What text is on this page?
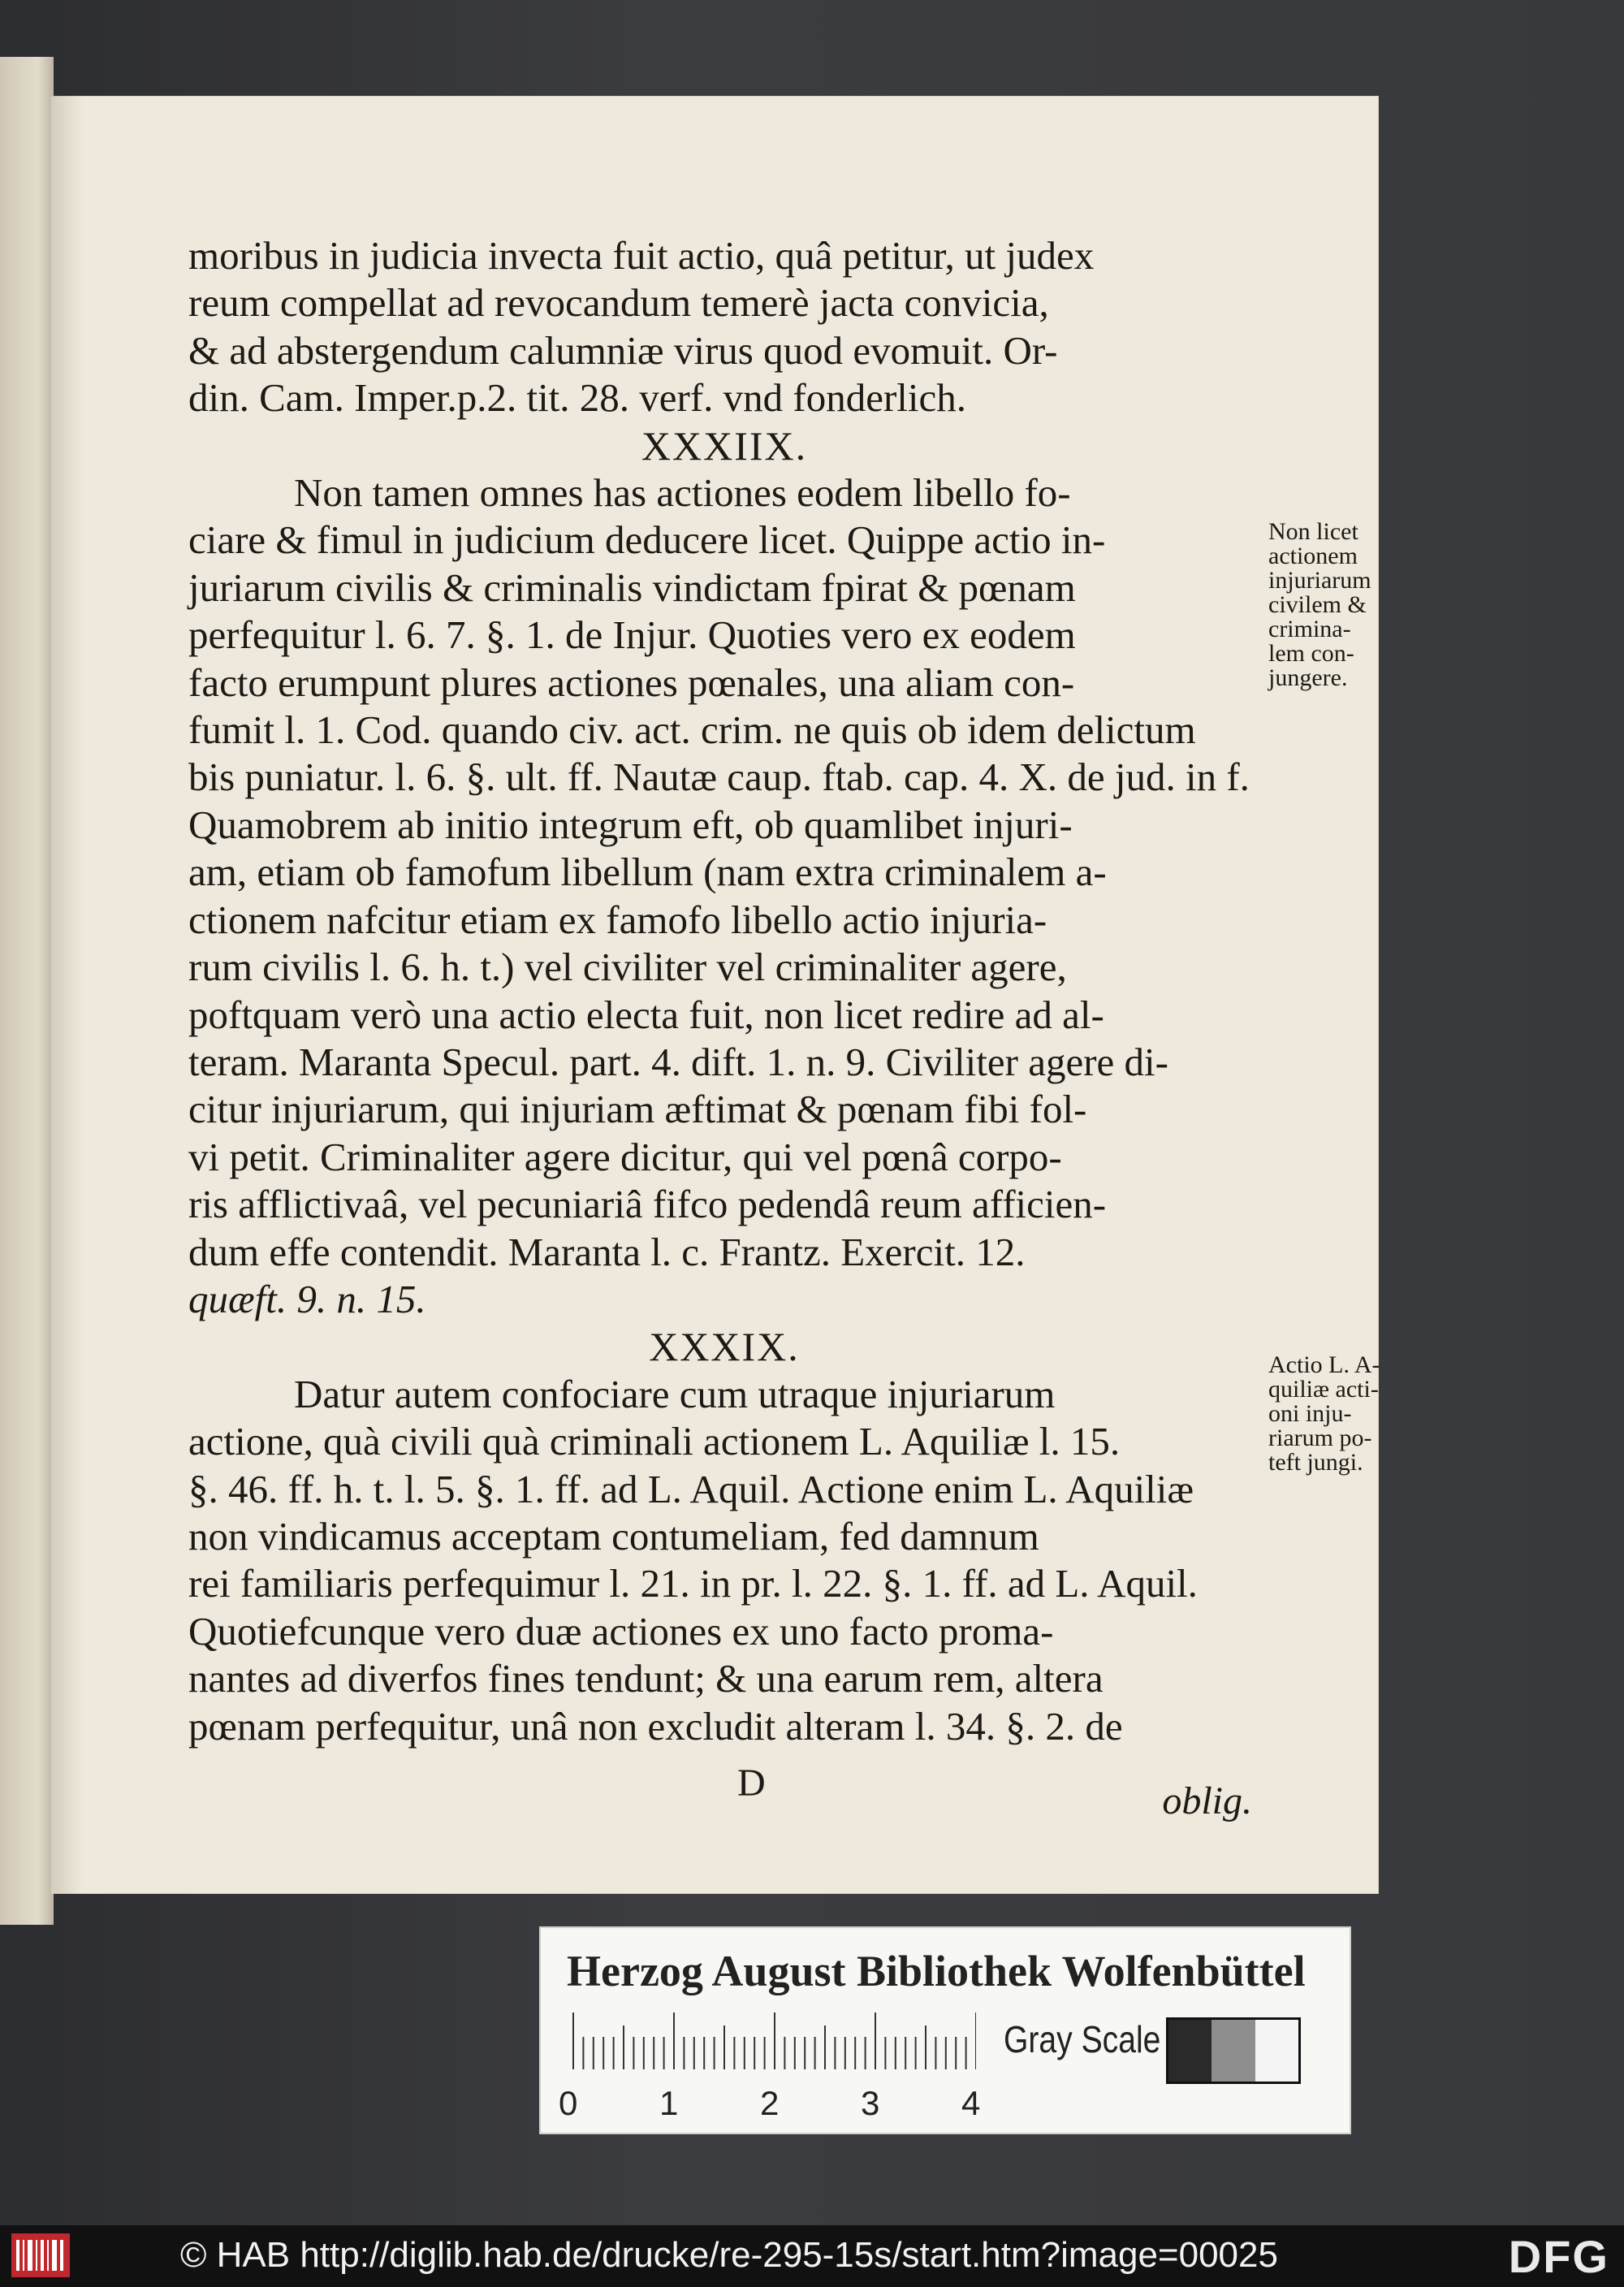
moribus in judicia invecta fuit actio, quâ petitur, ut judex
reum compellat ad revocandum temerè jacta convicia,
& ad abstergendum calumniæ virus quod evomuit. Or-
din. Cam. Imper.p.2. tit. 28. verf. vnd fonderlich.
XXXIIX.
Non tamen omnes has actiones eodem libello fo-
ciare & fimul in judicium deducere licet. Quippe actio in-
juriarum civilis & criminalis vindictam fpirat & pœnam
perfequitur l. 6. 7. §. 1. de Injur. Quoties vero ex eodem
facto erumpunt plures actiones pœnales, una aliam con-
fumit l. 1. Cod. quando civ. act. crim. ne quis ob idem delictum
bis puniatur. l. 6. §. ult. ff. Nautæ caup. ftab. cap. 4. X. de jud. in f.
Quamobrem ab initio integrum eft, ob quamlibet injuri-
am, etiam ob famofum libellum (nam extra criminalem a-
ctionem nafcitur etiam ex famofo libello actio injuria-
rum civilis l. 6. h. t.) vel civiliter vel criminaliter agere,
poftquam verò una actio electa fuit, non licet redire ad al-
teram. Maranta Specul. part. 4. dift. 1. n. 9. Civiliter agere di-
citur injuriarum, qui injuriam æftimat & pœnam fibi fol-
vi petit. Criminaliter agere dicitur, qui vel pœnâ corpo-
ris afflictivaâ, vel pecuniariâ fifco pedendâ reum afficien-
dum effe contendit. Maranta l. c. Frantz. Exercit. 12.
quæft. 9. n. 15.
XXXIX.
Datur autem confociare cum utraque injuriarum
actione, quà civili quà criminali actionem L. Aquiliæ l. 15.
§. 46. ff. h. t. l. 5. §. 1. ff. ad L. Aquil. Actione enim L. Aquiliæ
non vindicamus acceptam contumeliam, fed damnum
rei familiaris perfequimur l. 21. in pr. l. 22. §. 1. ff. ad L. Aquil.
Quotiefcunque vero duæ actiones ex uno facto proma-
nantes ad diverfos fines tendunt; & una earum rem, altera
pœnam perfequitur, unâ non excludit alteram l. 34. §. 2. de
Non licet
actionem
injuriarum
civilem &
crimina-
lem con-
jungere.
Actio L. A-
quiliæ acti-
oni inju-
riarum po-
teft jungi.
D	oblig.
Herzog August Bibliothek Wolfenbüttel
0 1 2 3 4
Gray Scale
© HAB http://diglib.hab.de/drucke/re-295-15s/start.htm?image=00025	DFG
